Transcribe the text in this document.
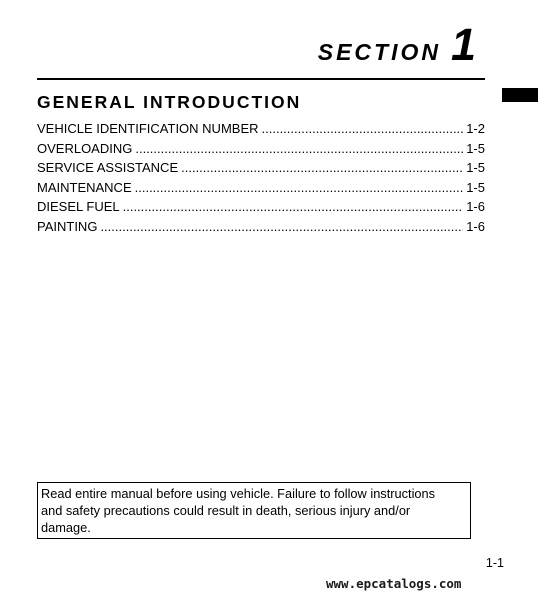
SECTION 1
GENERAL INTRODUCTION
VEHICLE IDENTIFICATION NUMBER .....	1-2
OVERLOADING .....	1-5
SERVICE ASSISTANCE .....	1-5
MAINTENANCE .....	1-5
DIESEL FUEL .....	1-6
PAINTING .....	1-6
Read entire manual before using vehicle. Failure to follow instructions
and safety precautions could result in death, serious injury and/or
damage.
1-1
www.epcatalogs.com
